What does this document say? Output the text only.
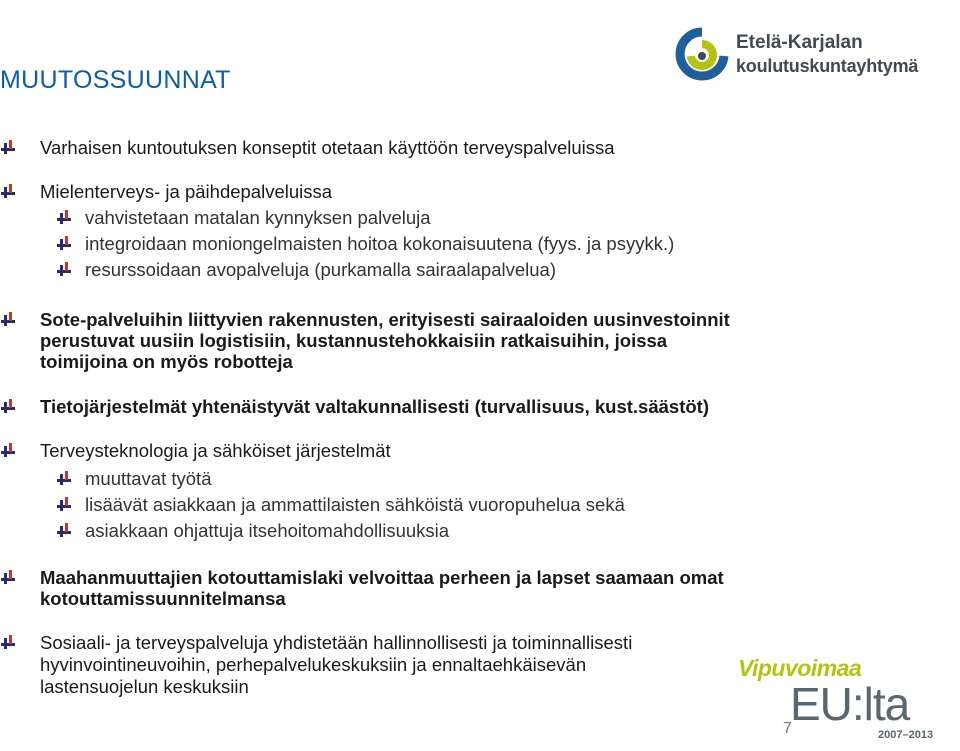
MUUTOSSUUNNAT
Etelä-Karjalan
koulutuskuntayhtymä
Varhaisen kuntoutuksen konseptit otetaan käyttöön terveyspalveluissa
Mielenterveys- ja päihdepalveluissa
vahvistetaan matalan kynnyksen palveluja
integroidaan moniongelmaisten hoitoa kokonaisuutena (fyys. ja psyykk.)
resurssoidaan avopalveluja (purkamalla sairaalapalvelua)
Sote-palveluihin liittyvien rakennusten, erityisesti sairaaloiden uusinvestoinnit
perustuvat uusiin logistisiin, kustannustehokkaisiin ratkaisuihin, joissa
toimijoina on myös robotteja
Tietojärjestelmät yhtenäistyvät valtakunnallisesti (turvallisuus, kust.säästöt)
Terveysteknologia ja sähköiset järjestelmät
muuttavat työtä
lisäävät asiakkaan ja ammattilaisten sähköistä vuoropuhelua sekä
asiakkaan ohjattuja itsehoitomahdollisuuksia
Maahanmuuttajien kotouttamislaki velvoittaa perheen ja lapset saamaan omat
kotouttamissuunnitelmansa
Sosiaali- ja terveyspalveluja yhdistetään hallinnollisesti ja toiminnallisesti
hyvinvointineuvoihin, perhepalvelukeskuksiin ja ennaltaehkäisevän
lastensuojelun keskuksiin
Vipuvoimaa
EU:lta
2007–2013
7
